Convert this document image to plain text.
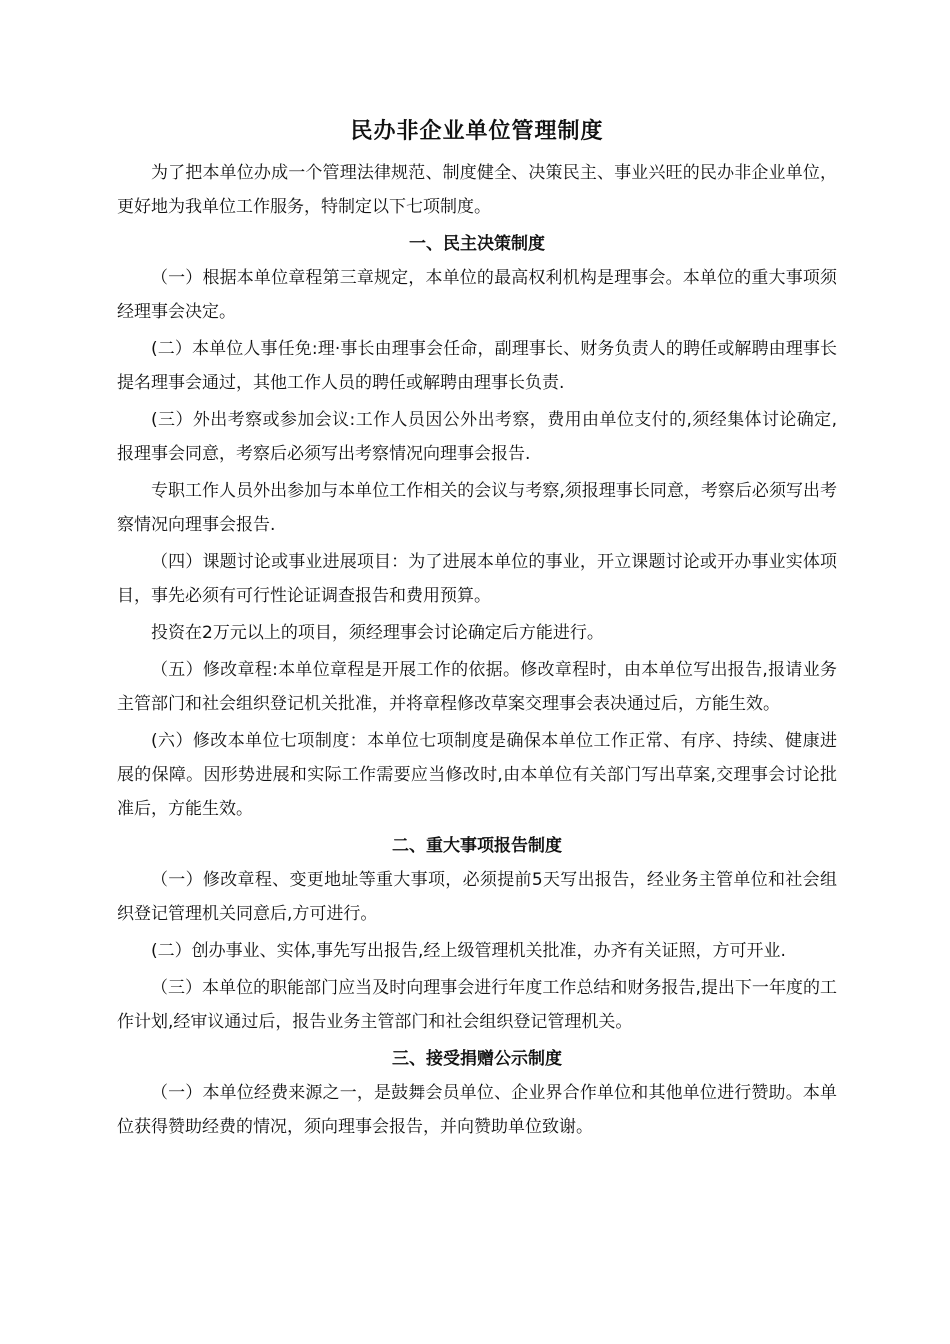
民办非企业单位管理制度

为了把本单位办成一个管理法律规范、制度健全、决策民主、事业兴旺的民办非企业单位，更好地为我单位工作服务，特制定以下七项制度。

一、民主决策制度

（一）根据本单位章程第三章规定，本单位的最高权利机构是理事会。本单位的重大事项须经理事会决定。

(二）本单位人事任免:理·事长由理事会任命，副理事长、财务负责人的聘任或解聘由理事长提名理事会通过，其他工作人员的聘任或解聘由理事长负责.

(三）外出考察或参加会议:工作人员因公外出考察，费用由单位支付的,须经集体讨论确定,报理事会同意，考察后必须写出考察情况向理事会报告.

专职工作人员外出参加与本单位工作相关的会议与考察,须报理事长同意，考察后必须写出考察情况向理事会报告.

（四）课题讨论或事业进展项目：为了进展本单位的事业，开立课题讨论或开办事业实体项目，事先必须有可行性论证调查报告和费用预算。

投资在2万元以上的项目，须经理事会讨论确定后方能进行。

（五）修改章程:本单位章程是开展工作的依据。修改章程时，由本单位写出报告,报请业务主管部门和社会组织登记机关批准，并将章程修改草案交理事会表决通过后，方能生效。

(六）修改本单位七项制度：本单位七项制度是确保本单位工作正常、有序、持续、健康进展的保障。因形势进展和实际工作需要应当修改时,由本单位有关部门写出草案,交理事会讨论批准后，方能生效。

二、重大事项报告制度

（一）修改章程、变更地址等重大事项，必须提前5天写出报告，经业务主管单位和社会组织登记管理机关同意后,方可进行。

(二）创办事业、实体,事先写出报告,经上级管理机关批准，办齐有关证照，方可开业.

（三）本单位的职能部门应当及时向理事会进行年度工作总结和财务报告,提出下一年度的工作计划,经审议通过后，报告业务主管部门和社会组织登记管理机关。

三、接受捐赠公示制度

（一）本单位经费来源之一，是鼓舞会员单位、企业界合作单位和其他单位进行赞助。本单位获得赞助经费的情况，须向理事会报告，并向赞助单位致谢。
